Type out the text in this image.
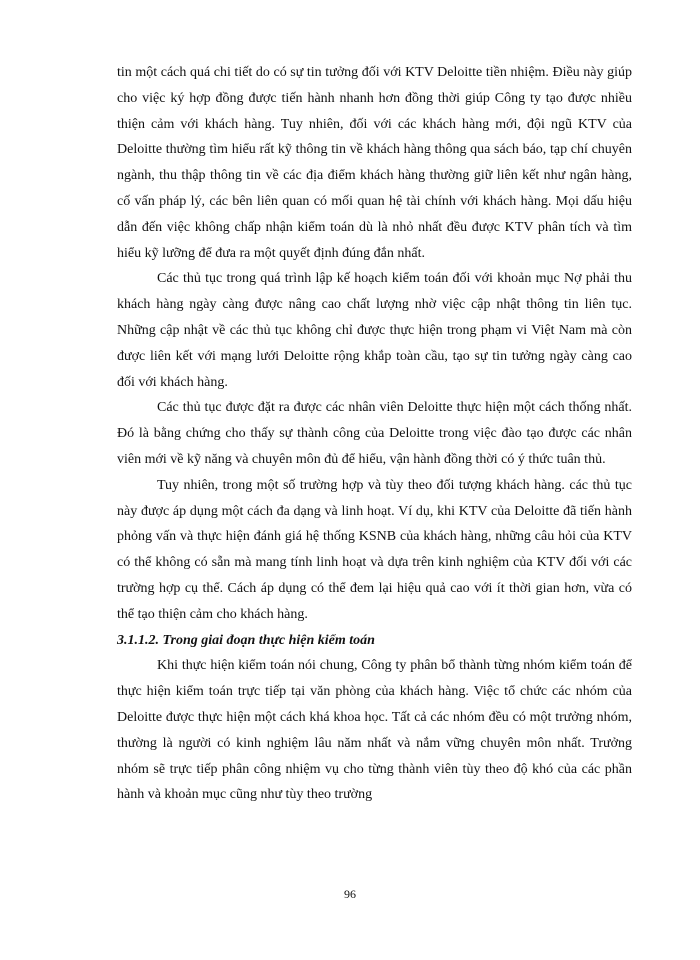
tin một cách quá chi tiết do có sự tin tưởng đối với KTV Deloitte tiền nhiệm. Điều này giúp cho việc ký hợp đồng được tiến hành nhanh hơn đồng thời giúp Công ty tạo được nhiều thiện cảm với khách hàng. Tuy nhiên, đối với các khách hàng mới, đội ngũ KTV của Deloitte thường tìm hiểu rất kỹ thông tin về khách hàng thông qua sách báo, tạp chí chuyên ngành, thu thập thông tin về các địa điểm khách hàng thường giữ liên kết như ngân hàng, cố vấn pháp lý, các bên liên quan có mối quan hệ tài chính với khách hàng. Mọi dấu hiệu dẫn đến việc không chấp nhận kiểm toán dù là nhỏ nhất đều được KTV phân tích và tìm hiểu kỹ lưỡng để đưa ra một quyết định đúng đắn nhất.

Các thủ tục trong quá trình lập kế hoạch kiểm toán đối với khoản mục Nợ phải thu khách hàng ngày càng được nâng cao chất lượng nhờ việc cập nhật thông tin liên tục. Những cập nhật về các thủ tục không chỉ được thực hiện trong phạm vi Việt Nam mà còn được liên kết với mạng lưới Deloitte rộng khắp toàn cầu, tạo sự tin tưởng ngày càng cao đối với khách hàng.

Các thủ tục được đặt ra được các nhân viên Deloitte thực hiện một cách thống nhất. Đó là bằng chứng cho thấy sự thành công của Deloitte trong việc đào tạo được các nhân viên mới về kỹ năng và chuyên môn đủ để hiểu, vận hành đồng thời có ý thức tuân thủ.

Tuy nhiên, trong một số trường hợp và tùy theo đối tượng khách hàng. các thủ tục này được áp dụng một cách đa dạng và linh hoạt. Ví dụ, khi KTV của Deloitte đã tiến hành phỏng vấn và thực hiện đánh giá hệ thống KSNB của khách hàng, những câu hỏi của KTV có thể không có sẵn mà mang tính linh hoạt và dựa trên kinh nghiệm của KTV đối với các trường hợp cụ thể. Cách áp dụng có thể đem lại hiệu quả cao với ít thời gian hơn, vừa có thể tạo thiện cảm cho khách hàng.

3.1.1.2. Trong giai đoạn thực hiện kiểm toán

Khi thực hiện kiểm toán nói chung, Công ty phân bổ thành từng nhóm kiểm toán để thực hiện kiểm toán trực tiếp tại văn phòng của khách hàng. Việc tổ chức các nhóm của Deloitte được thực hiện một cách khá khoa học. Tất cả các nhóm đều có một trưởng nhóm, thường là người có kinh nghiệm lâu năm nhất và nắm vững chuyên môn nhất. Trưởng nhóm sẽ trực tiếp phân công nhiệm vụ cho từng thành viên tùy theo độ khó của các phần hành và khoản mục cũng như tùy theo trường

96
